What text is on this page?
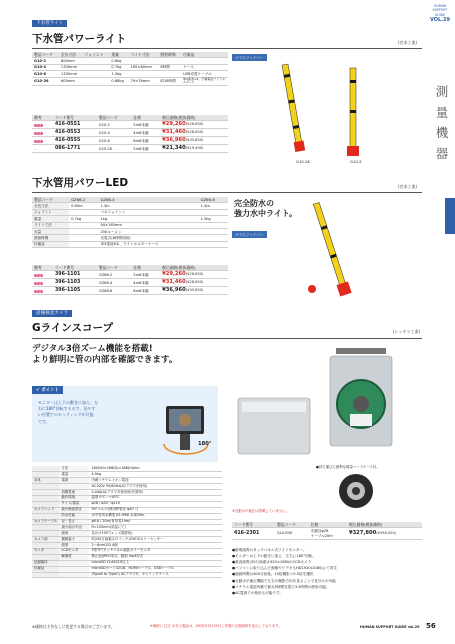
HUMAN
SUPPORT
GUIDE
VOL.29
測
量
機
器
下水管ライト
下水管パワーライト	(宮本工業)
製品コード	全長寸法	ジョイント	重量	ライト寸法	照射時間	付属品
G10-2	800mm		0.6kg			
G10-4	1330mm		0.7kg	165×80mm	8時間	ケース、
G10-6	1330mm		1.2kg			USB充電ケーブル
G10-26	605mm		0.68kg	79×76mm	約28時間	単3電池×6、予備電池ライトホルダーx
備考	コード番号	製品コード	仕様	税込価格(税抜価格)
注文	416-0551	G10-2	2m6本継	¥29,260(¥26,600)
注文	416-0553	G10-4	4m6本継	¥31,460(¥28,600)
注文	416-0555	G10-6	6m6本継	¥36,960(¥33,600)
–	086-1771	G10-2K	2m6本継	¥21,340(¥19,400)
グラスファイバー
G10-2K	G10-2
下水管用パワーLED	(宮本工業)
製品コード	GZ66-2	GZ66-4	GZ66-6
全長寸法	0.65m	1.3m	1.4m
ジョイント		コネジョイント	
重量	0.7kg	1kg	1.5kg
ライト寸法		44×165mm	
光量		200ルーメン	
照射時間		充電式(8時間照射)	
付属品		単3電池6本、ライトホルダーケース	
備考	コード番号	製品コード	仕様	税込価格(税抜価格)
注文	396-1101	GZ66-2	2m6本継	¥29,260(¥26,600)
注文	396-1103	GZ66-4	4m6本継	¥31,460(¥28,600)
注文	396-1105	GZ66-6	6m6本継	¥36,960(¥33,600)
完全防水の
強力水中ライト。
グラスファイバー
設備検査カメラ
Gラインスコープ	(レッキス工業)
デジタル3倍ズーム機能を搭載!
より鮮明に管の内部を確認できます。
✔ ポイント
モニターは上下の動きに加え、左
右に180°回転するので、見やす
い位置でのセッティングが可能
です。
180°
●持ち運びに便利な軽量ハードケース付。
※自動水平補正は搭載していません。
コード番号	製品コード	仕様	税込価格(税抜価格)
416-2301	GLS-R30	先端径φ28
ケーブル20m	¥327,800(¥298,000)
●鮮明画質のタッチパネル式ワイドモニター。
●モニターは上下の動きに加え、左右に180°回転。
●最高画質(30万画素)1920×1080のCCDカメラ
●パソコンに取り込んだ画像やビデオもHD1920(1080)にて再生
●録画時間は300分前後。10倍撮影と0.5倍を選択
●自動水平補正機能で左右の撮影方向を見ることで見分けが可能
●リチウム電池内蔵で最大5時間充電で3.5時間の使用可能。
●AC電源での使用も可能です。
	寸法	280(W)×186(D)×388(H)mm
	重量	4.9kg
本体	電源	内蔵リチウムイオン電池
		AC100V 50/60Hz(ACアダプタ使用)
	消費電流	0.44A(ACアダプタ使用時/充電時)
	動作環境	温度 0℃〜+40℃
	サイズ/重量	φ28 / φ30〜φ110
カメラヘッド	最小検査管径	90°エルボ(使用時管径 φ40〜)
	防水性能	水中有効水構造 JIS-IP68 水深20m
カメラケーブル	径・長さ	φ6.6 / 20m(有効長19m)
	最小曲げ半径	R=100mm(常温にて)
	画角	見かけ150°(レンズ視野角)
カメラ部	撮像素子	約200万画素(1/7インチ)CMOSカラーセンサー
	照度	2〜6cmLED 4個
モニタ	LCDモニタ	5型TFTタッチパネル液晶カラーモニタ
	解像度	静止画(JPEG形式、動画 mp4形式
記録媒体		microSD CLASS10以上
付属品		microSDカード32GB、HDMIケーブル、USBケーブル
		(TypeA to TypeC) ACアダプタ、キャリングケース
※価格は予告なしに変更する場合がございます。	※価格に 注文 がある製品は、2025年2月19日こ実現の正規価格を表示しております。	HUMAN SUPPORT GUIDE vol.29 56
